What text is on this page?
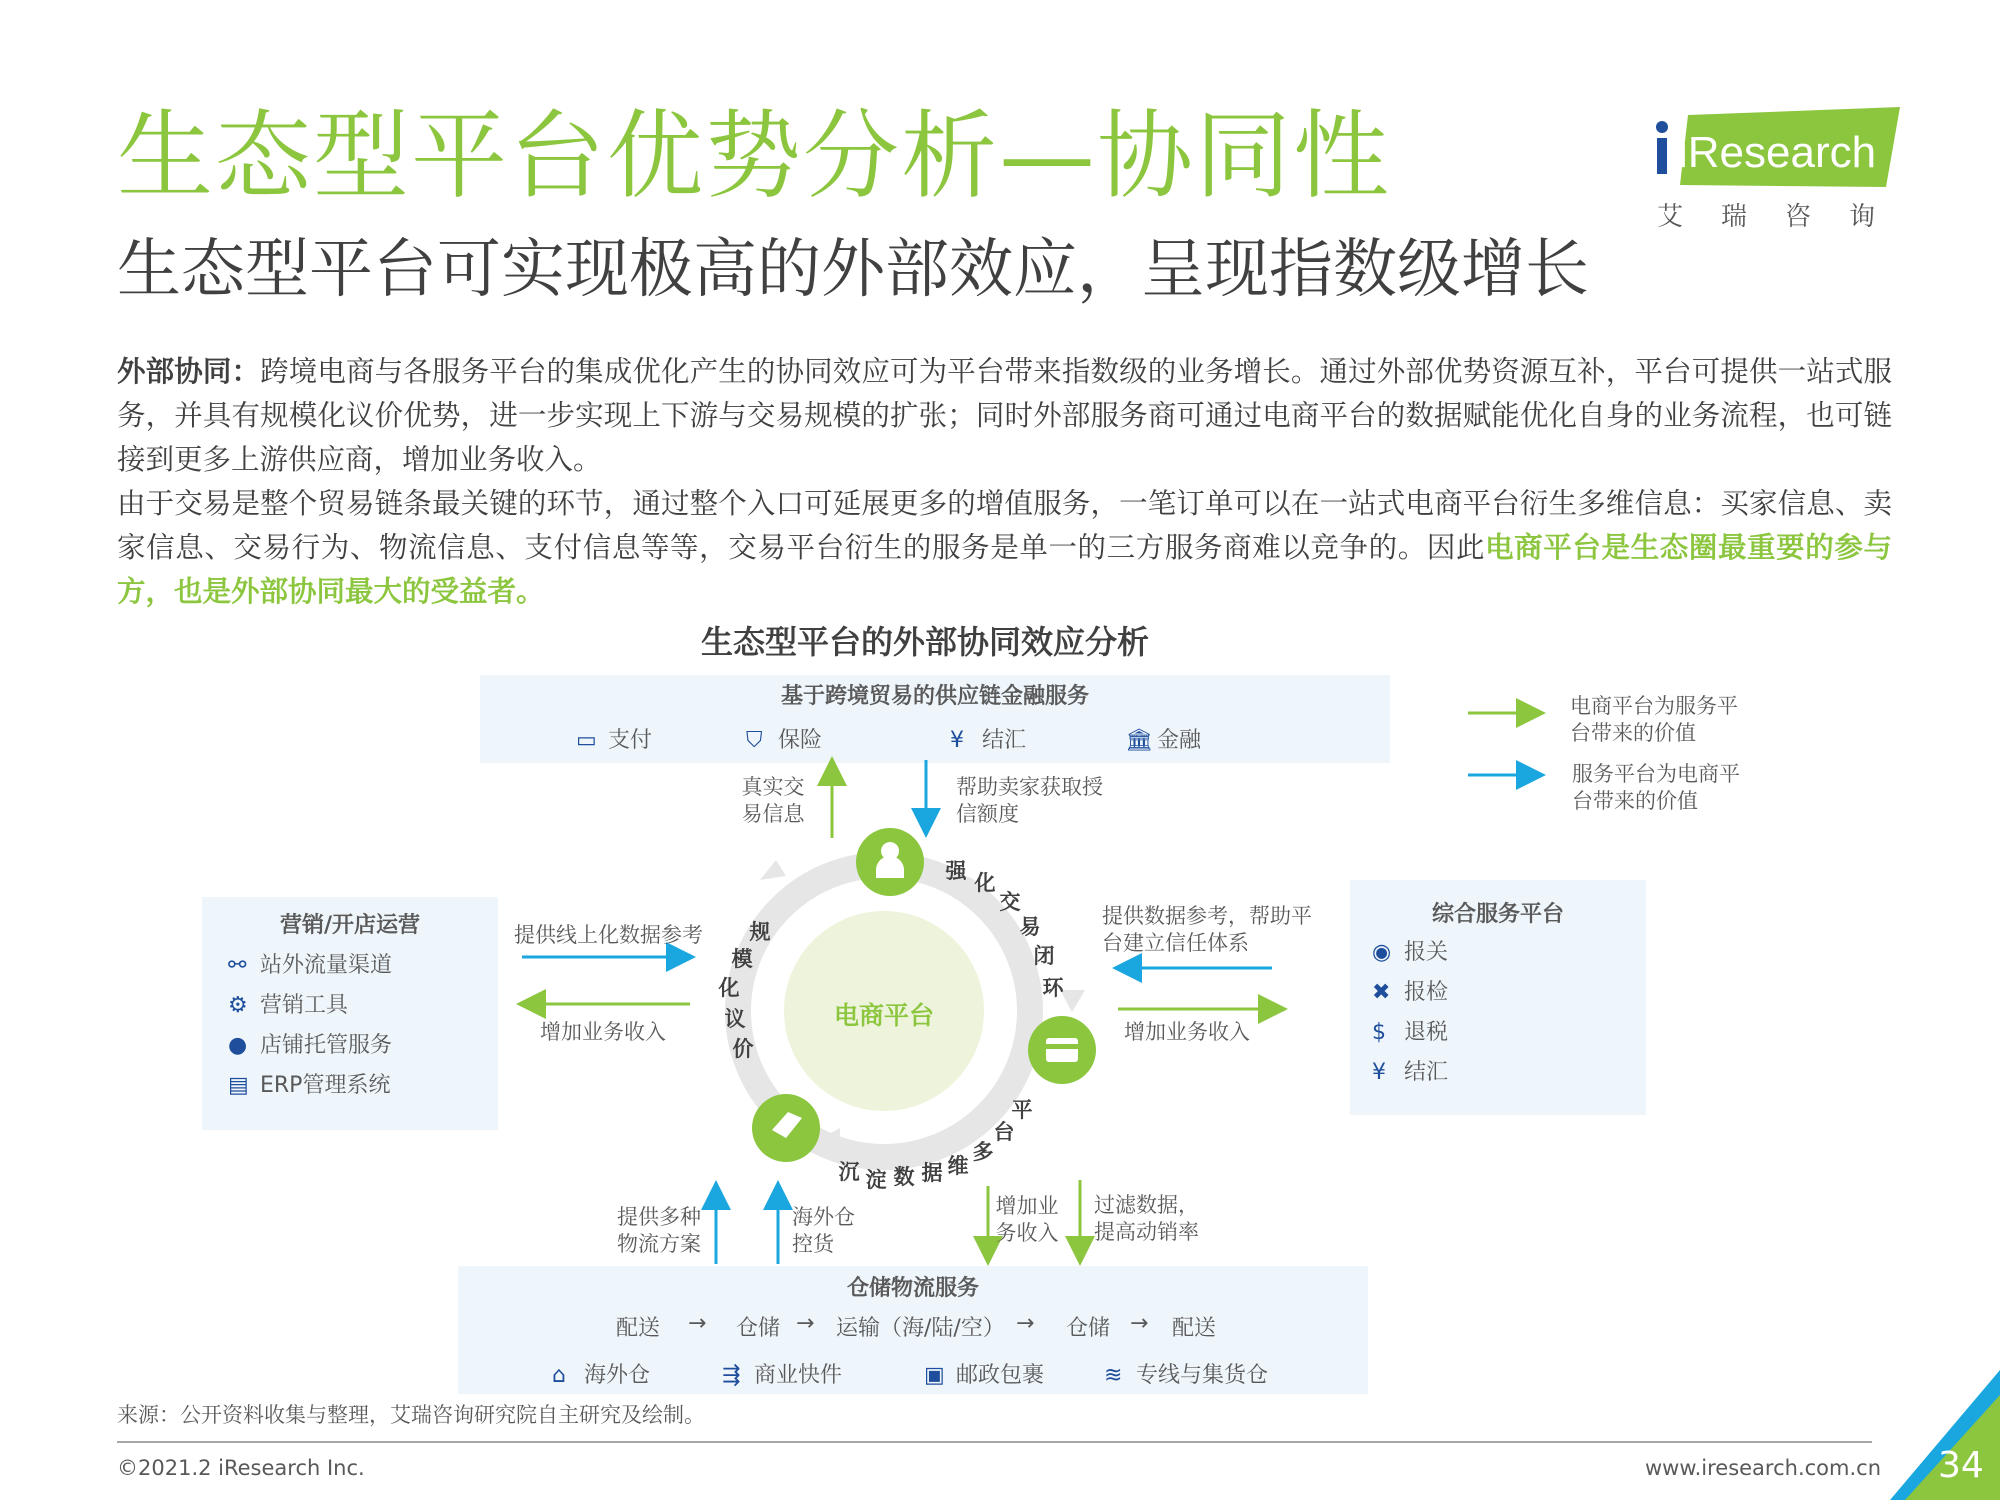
生态型平台优势分析—协同性
生态型平台可实现极高的外部效应，呈现指数级增长
iResearch
艾瑞咨询
外部协同：跨境电商与各服务平台的集成优化产生的协同效应可为平台带来指数级的业务增长。通过外部优势资源互补，平台可提供一站式服务，并具有规模化议价优势，进一步实现上下游与交易规模的扩张；同时外部服务商可通过电商平台的数据赋能优化自身的业务流程，也可链接到更多上游供应商，增加业务收入。
由于交易是整个贸易链条最关键的环节，通过整个入口可延展更多的增值服务，一笔订单可以在一站式电商平台衍生多维信息：买家信息、卖家信息、交易行为、物流信息、支付信息等等，交易平台衍生的服务是单一的三方服务商难以竞争的。因此电商平台是生态圈最重要的参与方，也是外部协同最大的受益者。
生态型平台的外部协同效应分析
基于跨境贸易的供应链金融服务
▭ 支付	⛉ 保险	¥ 结汇	🏛 金融
营销/开店运营
⚯ 站外流量渠道
⚙ 营销工具
● 店铺托管服务
▤ ERP管理系统
综合服务平台
◉ 报关
✖ 报检
$ 退税
¥ 结汇
仓储物流服务
配送 → 仓储 → 运输（海/陆/空） → 仓储 → 配送
⌂ 海外仓	⇶ 商业快件	▣ 邮政包裹	≋ 专线与集货仓
电商平台
强 化
交
易
闭
环
沉 淀 数 据 维
多
台
平
规
模
化
议
价
真实交易信息
帮助卖家获取授信额度
提供线上化数据参考
增加业务收入
提供数据参考，帮助平台建立信任体系
增加业务收入
提供多种物流方案
海外仓控货
增加业务收入
过滤数据，提高动销率
电商平台为服务平台带来的价值
服务平台为电商平台带来的价值
来源：公开资料收集与整理，艾瑞咨询研究院自主研究及绘制。
©2021.2 iResearch Inc.	www.iresearch.com.cn 34
